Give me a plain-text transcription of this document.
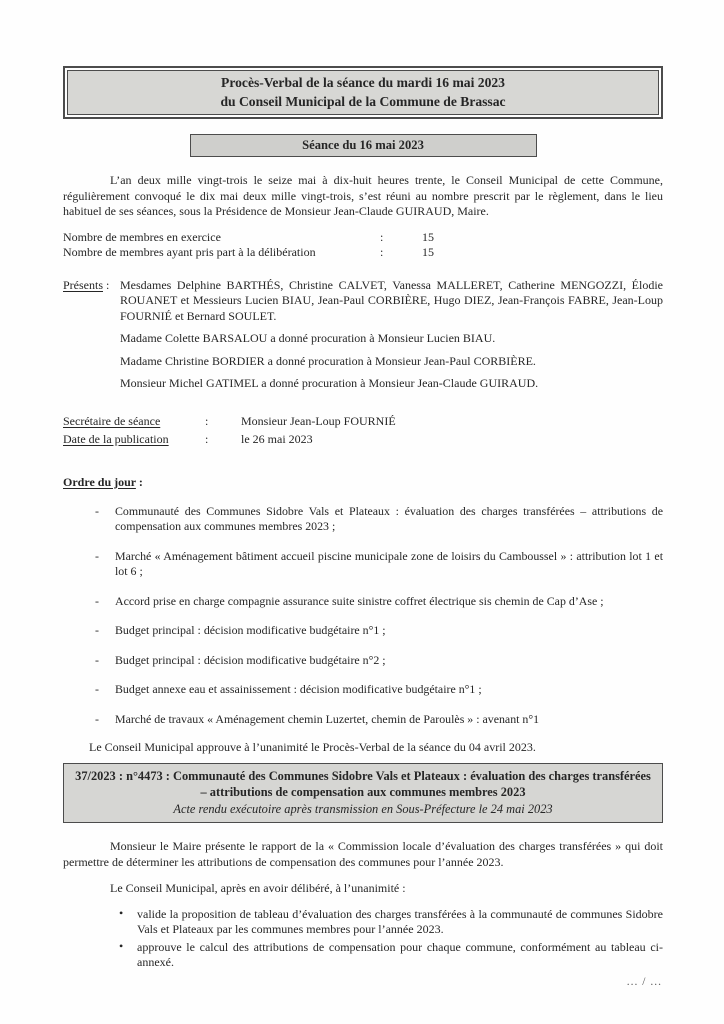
Procès-Verbal de la séance du mardi 16 mai 2023
du Conseil Municipal de la Commune de Brassac
Séance du 16 mai 2023

L’an deux mille vingt-trois le seize mai à dix-huit heures trente, le Conseil Municipal de cette Commune, régulièrement convoqué le dix mai deux mille vingt-trois, s’est réuni au nombre prescrit par le règlement, dans le lieu habituel de ses séances, sous la Présidence de Monsieur Jean-Claude GUIRAUD, Maire.

Nombre de membres en exercice	:	15
Nombre de membres ayant pris part à la délibération	:	15
Présents : Mesdames Delphine BARTHÉS, Christine CALVET, Vanessa MALLERET, Catherine MENGOZZI, Élodie ROUANET et Messieurs Lucien BIAU, Jean-Paul CORBIÈRE, Hugo DIEZ, Jean-François FABRE, Jean-Loup FOURNIÉ et Bernard SOULET.

Madame Colette BARSALOU a donné procuration à Monsieur Lucien BIAU.

Madame Christine BORDIER a donné procuration à Monsieur Jean-Paul CORBIÈRE.

Monsieur Michel GATIMEL a donné procuration à Monsieur Jean-Claude GUIRAUD.

Secrétaire de séance	:	Monsieur Jean-Loup FOURNIÉ
Date de la publication	:	le 26 mai 2023

Ordre du jour :

- Communauté des Communes Sidobre Vals et Plateaux : évaluation des charges transférées – attributions de compensation aux communes membres 2023 ;
- Marché « Aménagement bâtiment accueil piscine municipale zone de loisirs du Camboussel » : attribution lot 1 et lot 6 ;
- Accord prise en charge compagnie assurance suite sinistre coffret électrique sis chemin de Cap d’Ase ;
- Budget principal : décision modificative budgétaire n°1 ;
- Budget principal : décision modificative budgétaire n°2 ;
- Budget annexe eau et assainissement : décision modificative budgétaire n°1 ;
- Marché de travaux « Aménagement chemin Luzertet, chemin de Paroulès » : avenant n°1

Le Conseil Municipal approuve à l’unanimité le Procès-Verbal de la séance du 04 avril 2023.

37/2023 : n°4473 : Communauté des Communes Sidobre Vals et Plateaux : évaluation des charges transférées – attributions de compensation aux communes membres 2023
Acte rendu exécutoire après transmission en Sous-Préfecture le 24 mai 2023

Monsieur le Maire présente le rapport de la « Commission locale d’évaluation des charges transférées » qui doit permettre de déterminer les attributions de compensation des communes pour l’année 2023.

Le Conseil Municipal, après en avoir délibéré, à l’unanimité :

• valide la proposition de tableau d’évaluation des charges transférées à la communauté de communes Sidobre Vals et Plateaux par les communes membres pour l’année 2023.
• approuve le calcul des attributions de compensation pour chaque commune, conformément au tableau ci-annexé.
... / ...
